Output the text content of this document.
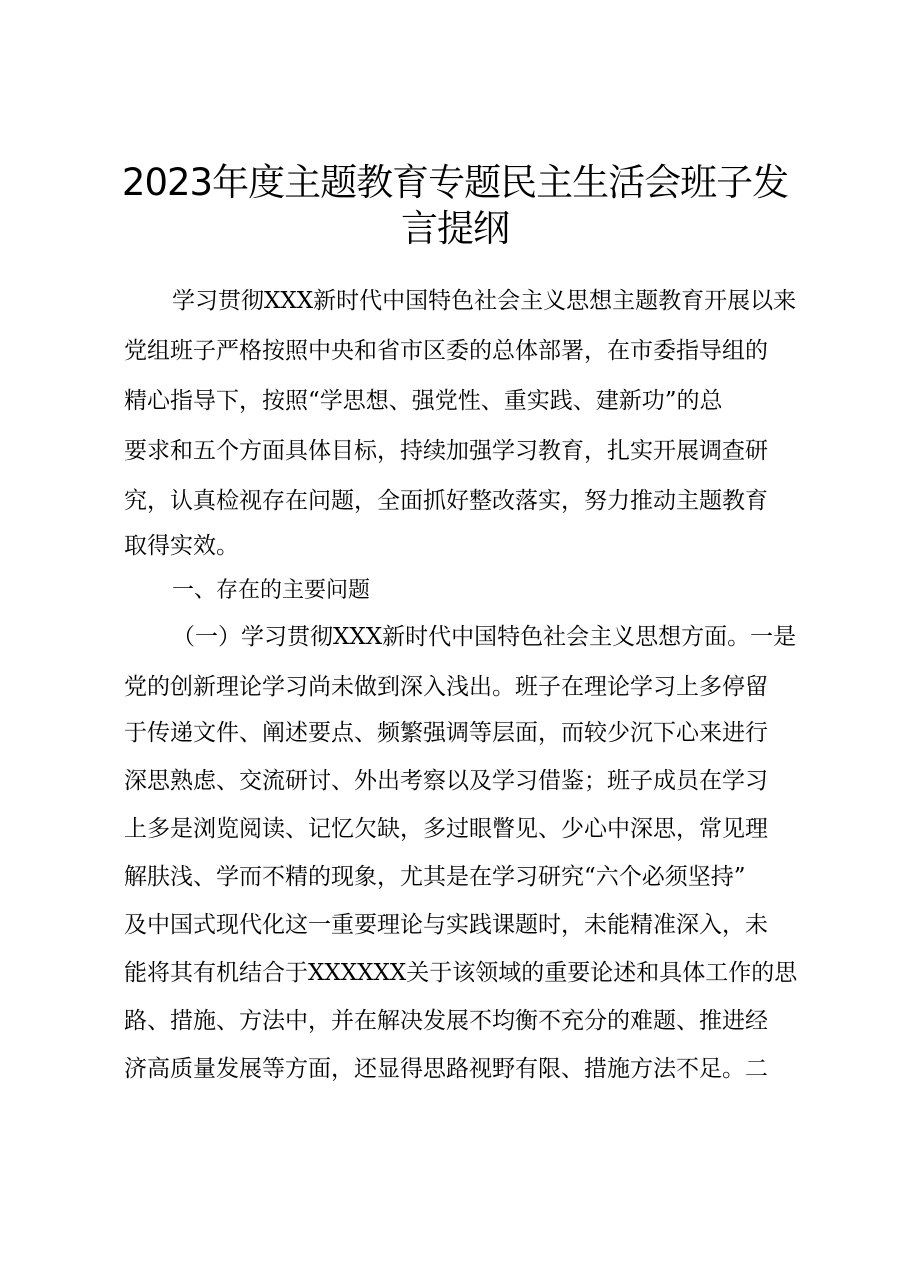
2023年度主题教育专题民主生活会班子发言提纲
学习贯彻XXX新时代中国特色社会主义思想主题教育开展以来
党组班子严格按照中央和省市区委的总体部署，在市委指导组的
精心指导下，按照“学思想、强党性、重实践、建新功”的总
要求和五个方面具体目标，持续加强学习教育，扎实开展调查研
究，认真检视存在问题，全面抓好整改落实，努力推动主题教育
取得实效。
一、存在的主要问题
（一）学习贯彻XXX新时代中国特色社会主义思想方面。一是
党的创新理论学习尚未做到深入浅出。班子在理论学习上多停留
于传递文件、阐述要点、频繁强调等层面，而较少沉下心来进行
深思熟虑、交流研讨、外出考察以及学习借鉴；班子成员在学习
上多是浏览阅读、记忆欠缺，多过眼瞥见、少心中深思，常见理
解肤浅、学而不精的现象，尤其是在学习研究“六个必须坚持”
及中国式现代化这一重要理论与实践课题时，未能精准深入，未
能将其有机结合于XXXXXX关于该领域的重要论述和具体工作的思
路、措施、方法中，并在解决发展不均衡不充分的难题、推进经
济高质量发展等方面，还显得思路视野有限、措施方法不足。二
